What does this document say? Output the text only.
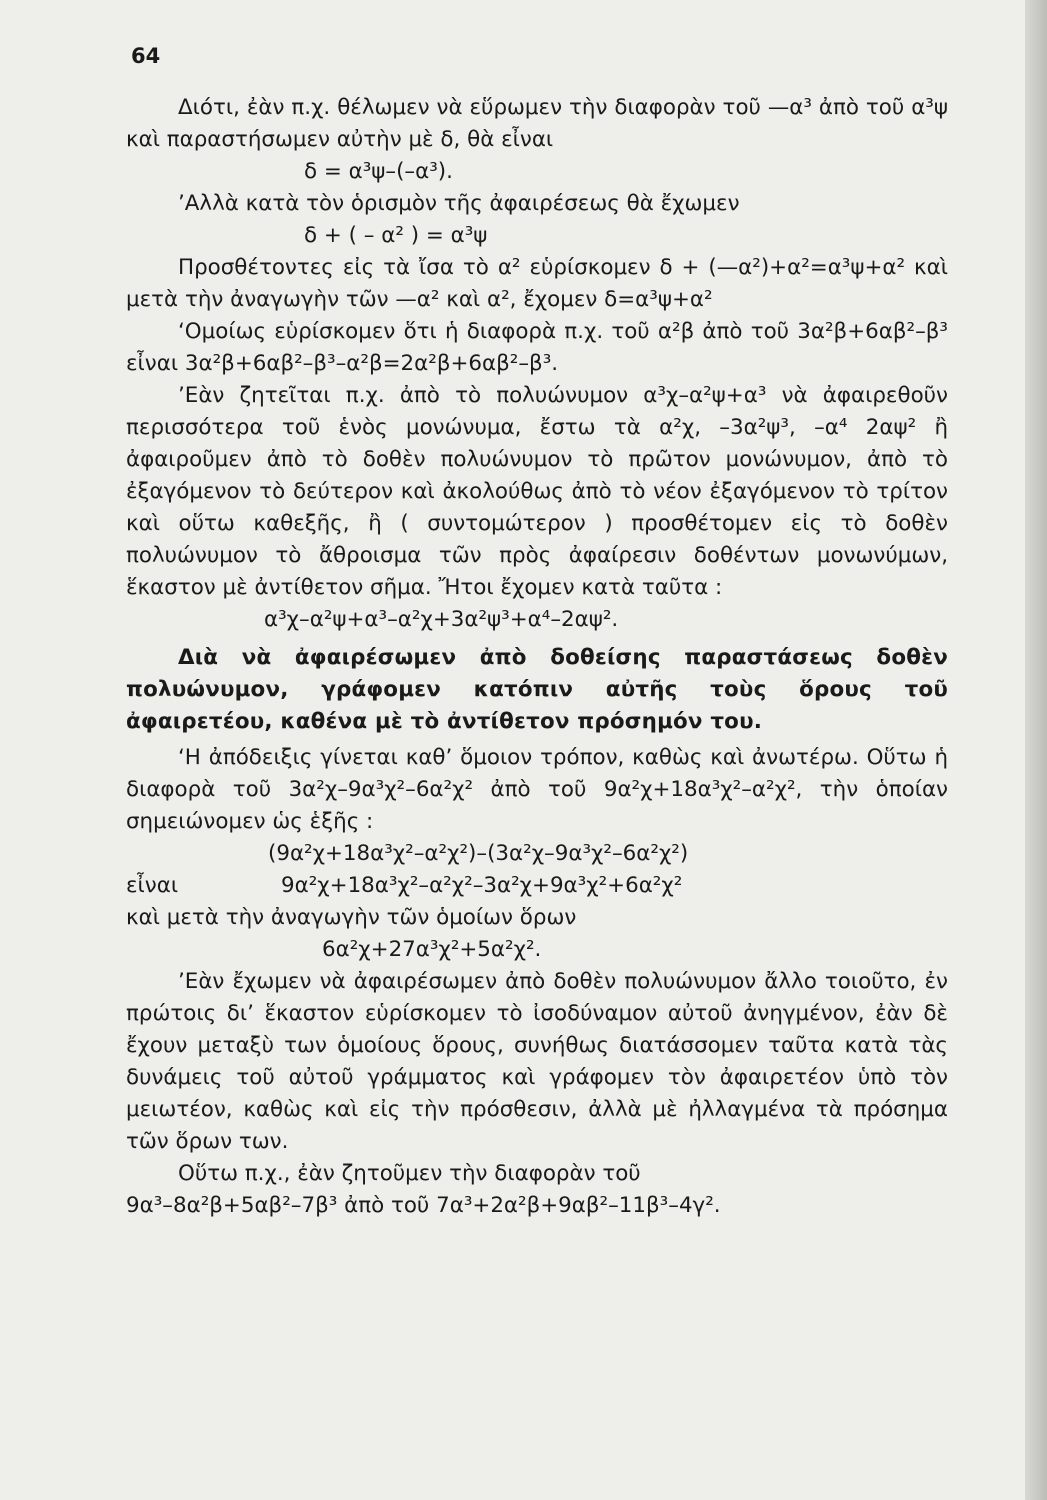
64

Διότι, ἐὰν π.χ. θέλωμεν νὰ εὕρωμεν τὴν διαφορὰν τοῦ —α³ ἀπὸ τοῦ α³ψ καὶ παραστήσωμεν αὐτὴν μὲ δ, θὰ εἶναι

δ = α³ψ–(–α³).

’Αλλὰ κατὰ τὸν ὁρισμὸν τῆς ἀφαιρέσεως θὰ ἔχωμεν

δ + ( – α² ) = α³ψ

Προσθέτοντες εἰς τὰ ἴσα τὸ α² εὑρίσκομεν δ + (—α²)+α²=α³ψ+α² καὶ μετὰ τὴν ἀναγωγὴν τῶν —α² καὶ α², ἔχομεν δ=α³ψ+α²

‘Ομοίως εὑρίσκομεν ὅτι ἡ διαφορὰ π.χ. τοῦ α²β ἀπὸ τοῦ 3α²β+6αβ²–β³ εἶναι 3α²β+6αβ²–β³–α²β=2α²β+6αβ²–β³.

’Εὰν ζητεῖται π.χ. ἀπὸ τὸ πολυώνυμον α³χ–α²ψ+α³ νὰ ἀφαιρεθοῦν περισσότερα τοῦ ἑνὸς μονώνυμα, ἔστω τὰ α²χ, –3α²ψ³, –α⁴ 2αψ² ἢ ἀφαιροῦμεν ἀπὸ τὸ δοθὲν πολυώνυμον τὸ πρῶτον μονώνυμον, ἀπὸ τὸ ἐξαγόμενον τὸ δεύτερον καὶ ἀκολούθως ἀπὸ τὸ νέον ἐξαγόμενον τὸ τρίτον καὶ οὕτω καθεξῆς, ἢ ( συντομώτερον ) προσθέτομεν εἰς τὸ δοθὲν πολυώνυμον τὸ ἄθροισμα τῶν πρὸς ἀφαίρεσιν δοθέντων μονωνύμων, ἕκαστον μὲ ἀντίθετον σῆμα. Ἤτοι ἔχομεν κατὰ ταῦτα :

α³χ–α²ψ+α³–α²χ+3α²ψ³+α⁴–2αψ².

Διὰ νὰ ἀφαιρέσωμεν ἀπὸ δοθείσης παραστάσεως δοθὲν πολυώνυμον, γράφομεν κατόπιν αὐτῆς τοὺς ὅρους τοῦ ἀφαιρετέου, καθένα μὲ τὸ ἀντίθετον πρόσημόν του.

‘Η ἀπόδειξις γίνεται καθ’ ὅμοιον τρόπον, καθὼς καὶ ἀνωτέρω. Οὕτω ἡ διαφορὰ τοῦ 3α²χ–9α³χ²–6α²χ² ἀπὸ τοῦ 9α²χ+18α³χ²–α²χ², τὴν ὁποίαν σημειώνομεν ὡς ἑξῆς :

(9α²χ+18α³χ²–α²χ²)–(3α²χ–9α³χ²–6α²χ²)

εἶναι	9α²χ+18α³χ²–α²χ²–3α²χ+9α³χ²+6α²χ²

καὶ μετὰ τὴν ἀναγωγὴν τῶν ὁμοίων ὅρων

6α²χ+27α³χ²+5α²χ².

’Εὰν ἔχωμεν νὰ ἀφαιρέσωμεν ἀπὸ δοθὲν πολυώνυμον ἄλλο τοιοῦτο, ἐν πρώτοις δι’ ἕκαστον εὑρίσκομεν τὸ ἰσοδύναμον αὐτοῦ ἀνηγμένον, ἐὰν δὲ ἔχουν μεταξὺ των ὁμοίους ὅρους, συνήθως διατάσσομεν ταῦτα κατὰ τὰς δυνάμεις τοῦ αὐτοῦ γράμματος καὶ γράφομεν τὸν ἀφαιρετέον ὑπὸ τὸν μειωτέον, καθὼς καὶ εἰς τὴν πρόσθεσιν, ἀλλὰ μὲ ἠλλαγμένα τὰ πρόσημα τῶν ὅρων των.

Οὕτω π.χ., ἐὰν ζητοῦμεν τὴν διαφορὰν τοῦ

9α³–8α²β+5αβ²–7β³ ἀπὸ τοῦ 7α³+2α²β+9αβ²–11β³–4γ².
